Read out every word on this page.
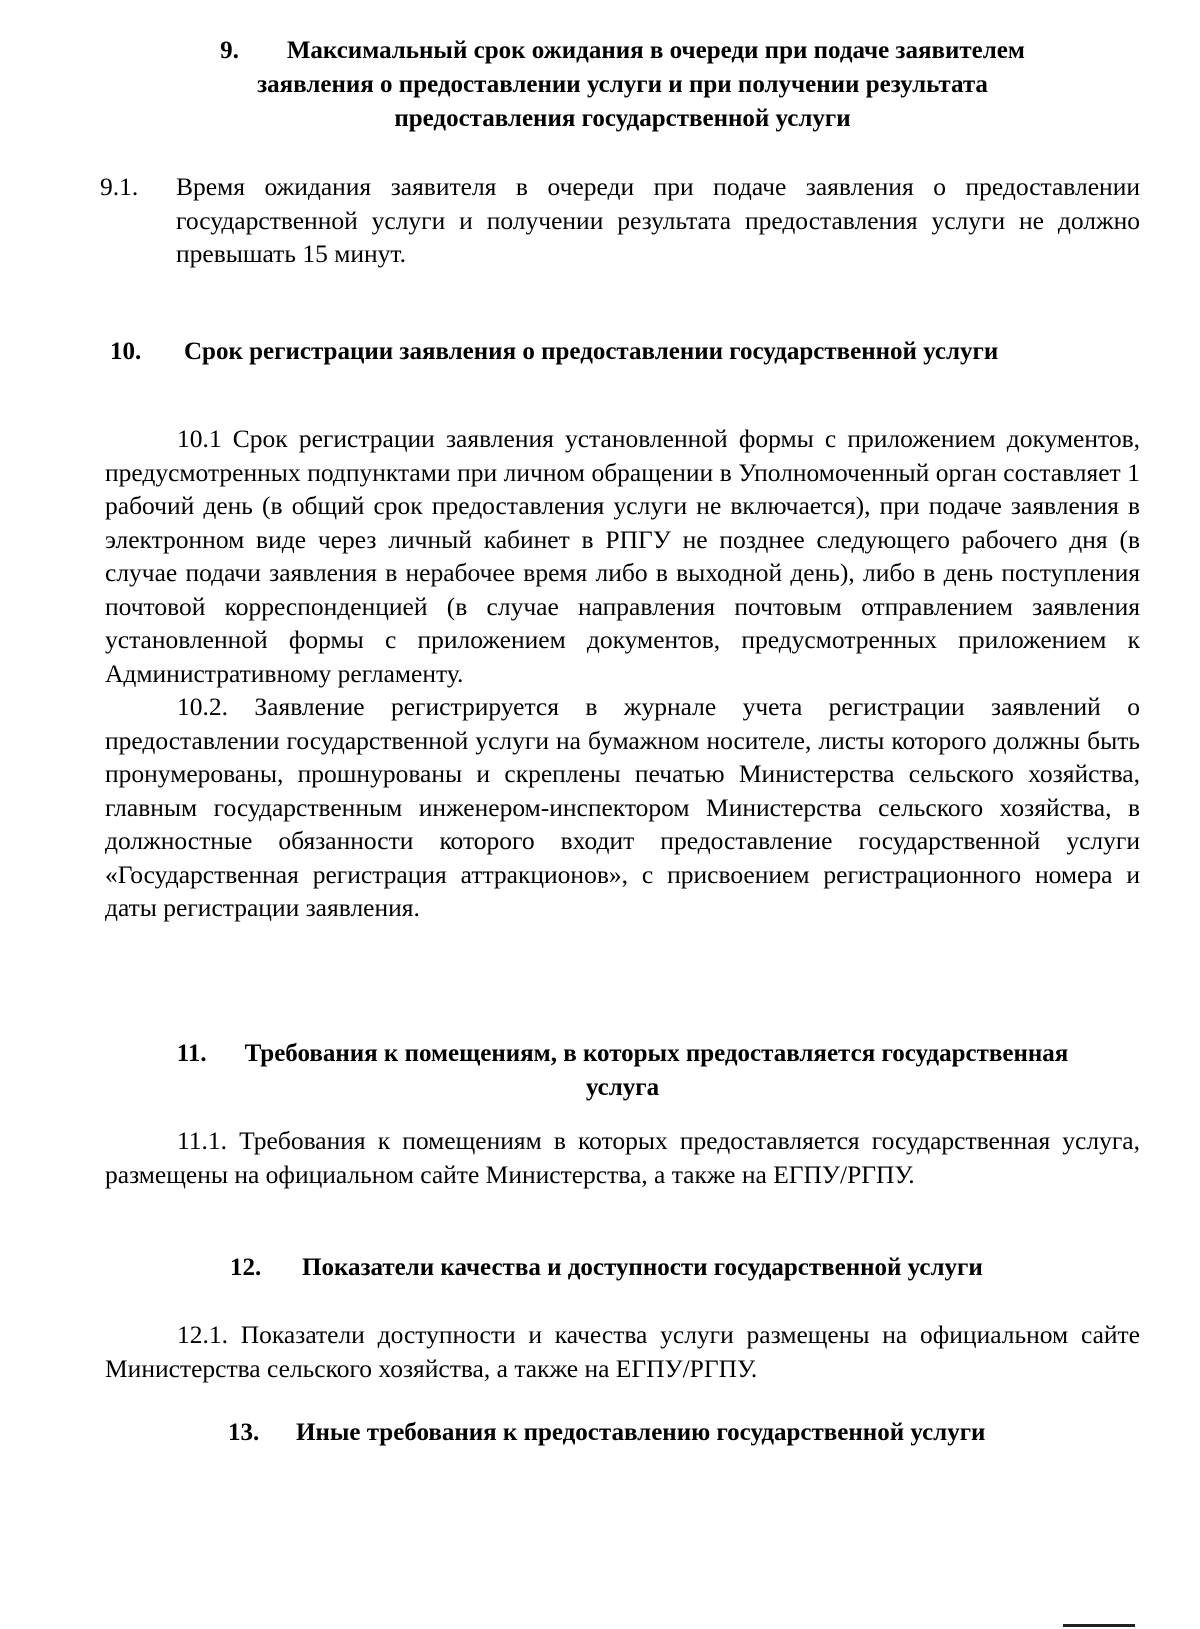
9. Максимальный срок ожидания в очереди при подаче заявителем
заявления о предоставлении услуги и при получении результата
предоставления государственной услуги
9.1. Время ожидания заявителя в очереди при подаче заявления о предоставлении государственной услуги и получении результата предоставления услуги не должно превышать 15 минут.
10. Срок регистрации заявления о предоставлении государственной услуги

10.1 Срок регистрации заявления установленной формы с приложением документов, предусмотренных подпунктами при личном обращении в Уполномоченный орган составляет 1 рабочий день (в общий срок предоставления услуги не включается), при подаче заявления в электронном виде через личный кабинет в РПГУ не позднее следующего рабочего дня (в случае подачи заявления в нерабочее время либо в выходной день), либо в день поступления почтовой корреспонденцией (в случае направления почтовым отправлением заявления установленной формы с приложением документов, предусмотренных приложением к Административному регламенту.

10.2. Заявление регистрируется в журнале учета регистрации заявлений о предоставлении государственной услуги на бумажном носителе, листы которого должны быть пронумерованы, прошнурованы и скреплены печатью Министерства сельского хозяйства, главным государственным инженером-инспектором Министерства сельского хозяйства, в должностные обязанности которого входит предоставление государственной услуги «Государственная регистрация аттракционов», с присвоением регистрационного номера и даты регистрации заявления.

11. Требования к помещениям, в которых предоставляется государственная
услуга

11.1. Требования к помещениям в которых предоставляется государственная услуга, размещены на официальном сайте Министерства, а также на ЕГПУ/РГПУ.

12. Показатели качества и доступности государственной услуги

12.1. Показатели доступности и качества услуги размещены на официальном сайте Министерства сельского хозяйства, а также на ЕГПУ/РГПУ.

13. Иные требования к предоставлению государственной услуги
